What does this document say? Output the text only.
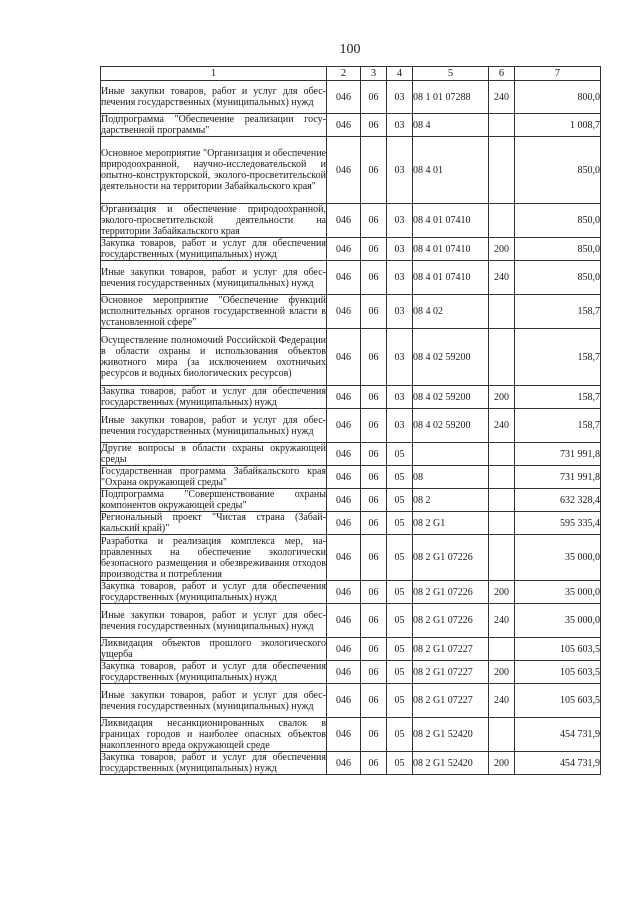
100
1	2	3	4	5	6	7
Иные закупки товаров, работ и услуг для обеспечения государственных (муниципальных) нужд	046	06	03	08 1 01 07288	240	800,0
Подпрограмма "Обеспечение реализации государственной программы"	046	06	03	08 4		1 008,7
Основное мероприятие "Организация и обеспечение природоохранной, научно-исследовательской и опытно-конструкторской, эколого-просветительской деятельности на территории Забайкальского края"	046	06	03	08 4 01		850,0
Организация и обеспечение природоохранной, эколого-просветительской деятельности на территории Забайкальского края	046	06	03	08 4 01 07410		850,0
Закупка товаров, работ и услуг для обеспечения государственных (муниципальных) нужд	046	06	03	08 4 01 07410	200	850,0
Иные закупки товаров, работ и услуг для обеспечения государственных (муниципальных) нужд	046	06	03	08 4 01 07410	240	850,0
Основное мероприятие "Обеспечение функций исполнительных органов государственной власти в установленной сфере"	046	06	03	08 4 02		158,7
Осуществление полномочий Российской Федерации в области охраны и использования объектов животного мира (за исключением охотничьих ресурсов и водных биологических ресурсов)	046	06	03	08 4 02 59200		158,7
Закупка товаров, работ и услуг для обеспечения государственных (муниципальных) нужд	046	06	03	08 4 02 59200	200	158,7
Иные закупки товаров, работ и услуг для обеспечения государственных (муниципальных) нужд	046	06	03	08 4 02 59200	240	158,7
Другие вопросы в области охраны окружающей среды	046	06	05			731 991,8
Государственная программа Забайкальского края "Охрана окружающей среды"	046	06	05	08		731 991,8
Подпрограмма "Совершенствование охраны компонентов окружающей среды"	046	06	05	08 2		632 328,4
Региональный проект "Чистая страна (Забайкальский край)"	046	06	05	08 2 G1		595 335,4
Разработка и реализация комплекса мер, направленных на обеспечение экологически безопасного размещения и обезвреживания отходов производства и потребления	046	06	05	08 2 G1 07226		35 000,0
Закупка товаров, работ и услуг для обеспечения государственных (муниципальных) нужд	046	06	05	08 2 G1 07226	200	35 000,0
Иные закупки товаров, работ и услуг для обеспечения государственных (муниципальных) нужд	046	06	05	08 2 G1 07226	240	35 000,0
Ликвидация объектов прошлого экологического ущерба	046	06	05	08 2 G1 07227		105 603,5
Закупка товаров, работ и услуг для обеспечения государственных (муниципальных) нужд	046	06	05	08 2 G1 07227	200	105 603,5
Иные закупки товаров, работ и услуг для обеспечения государственных (муниципальных) нужд	046	06	05	08 2 G1 07227	240	105 603,5
Ликвидация несанкционированных свалок в границах городов и наиболее опасных объектов накопленного вреда окружающей среде	046	06	05	08 2 G1 52420		454 731,9
Закупка товаров, работ и услуг для обеспечения государственных (муниципальных) нужд	046	06	05	08 2 G1 52420	200	454 731,9
